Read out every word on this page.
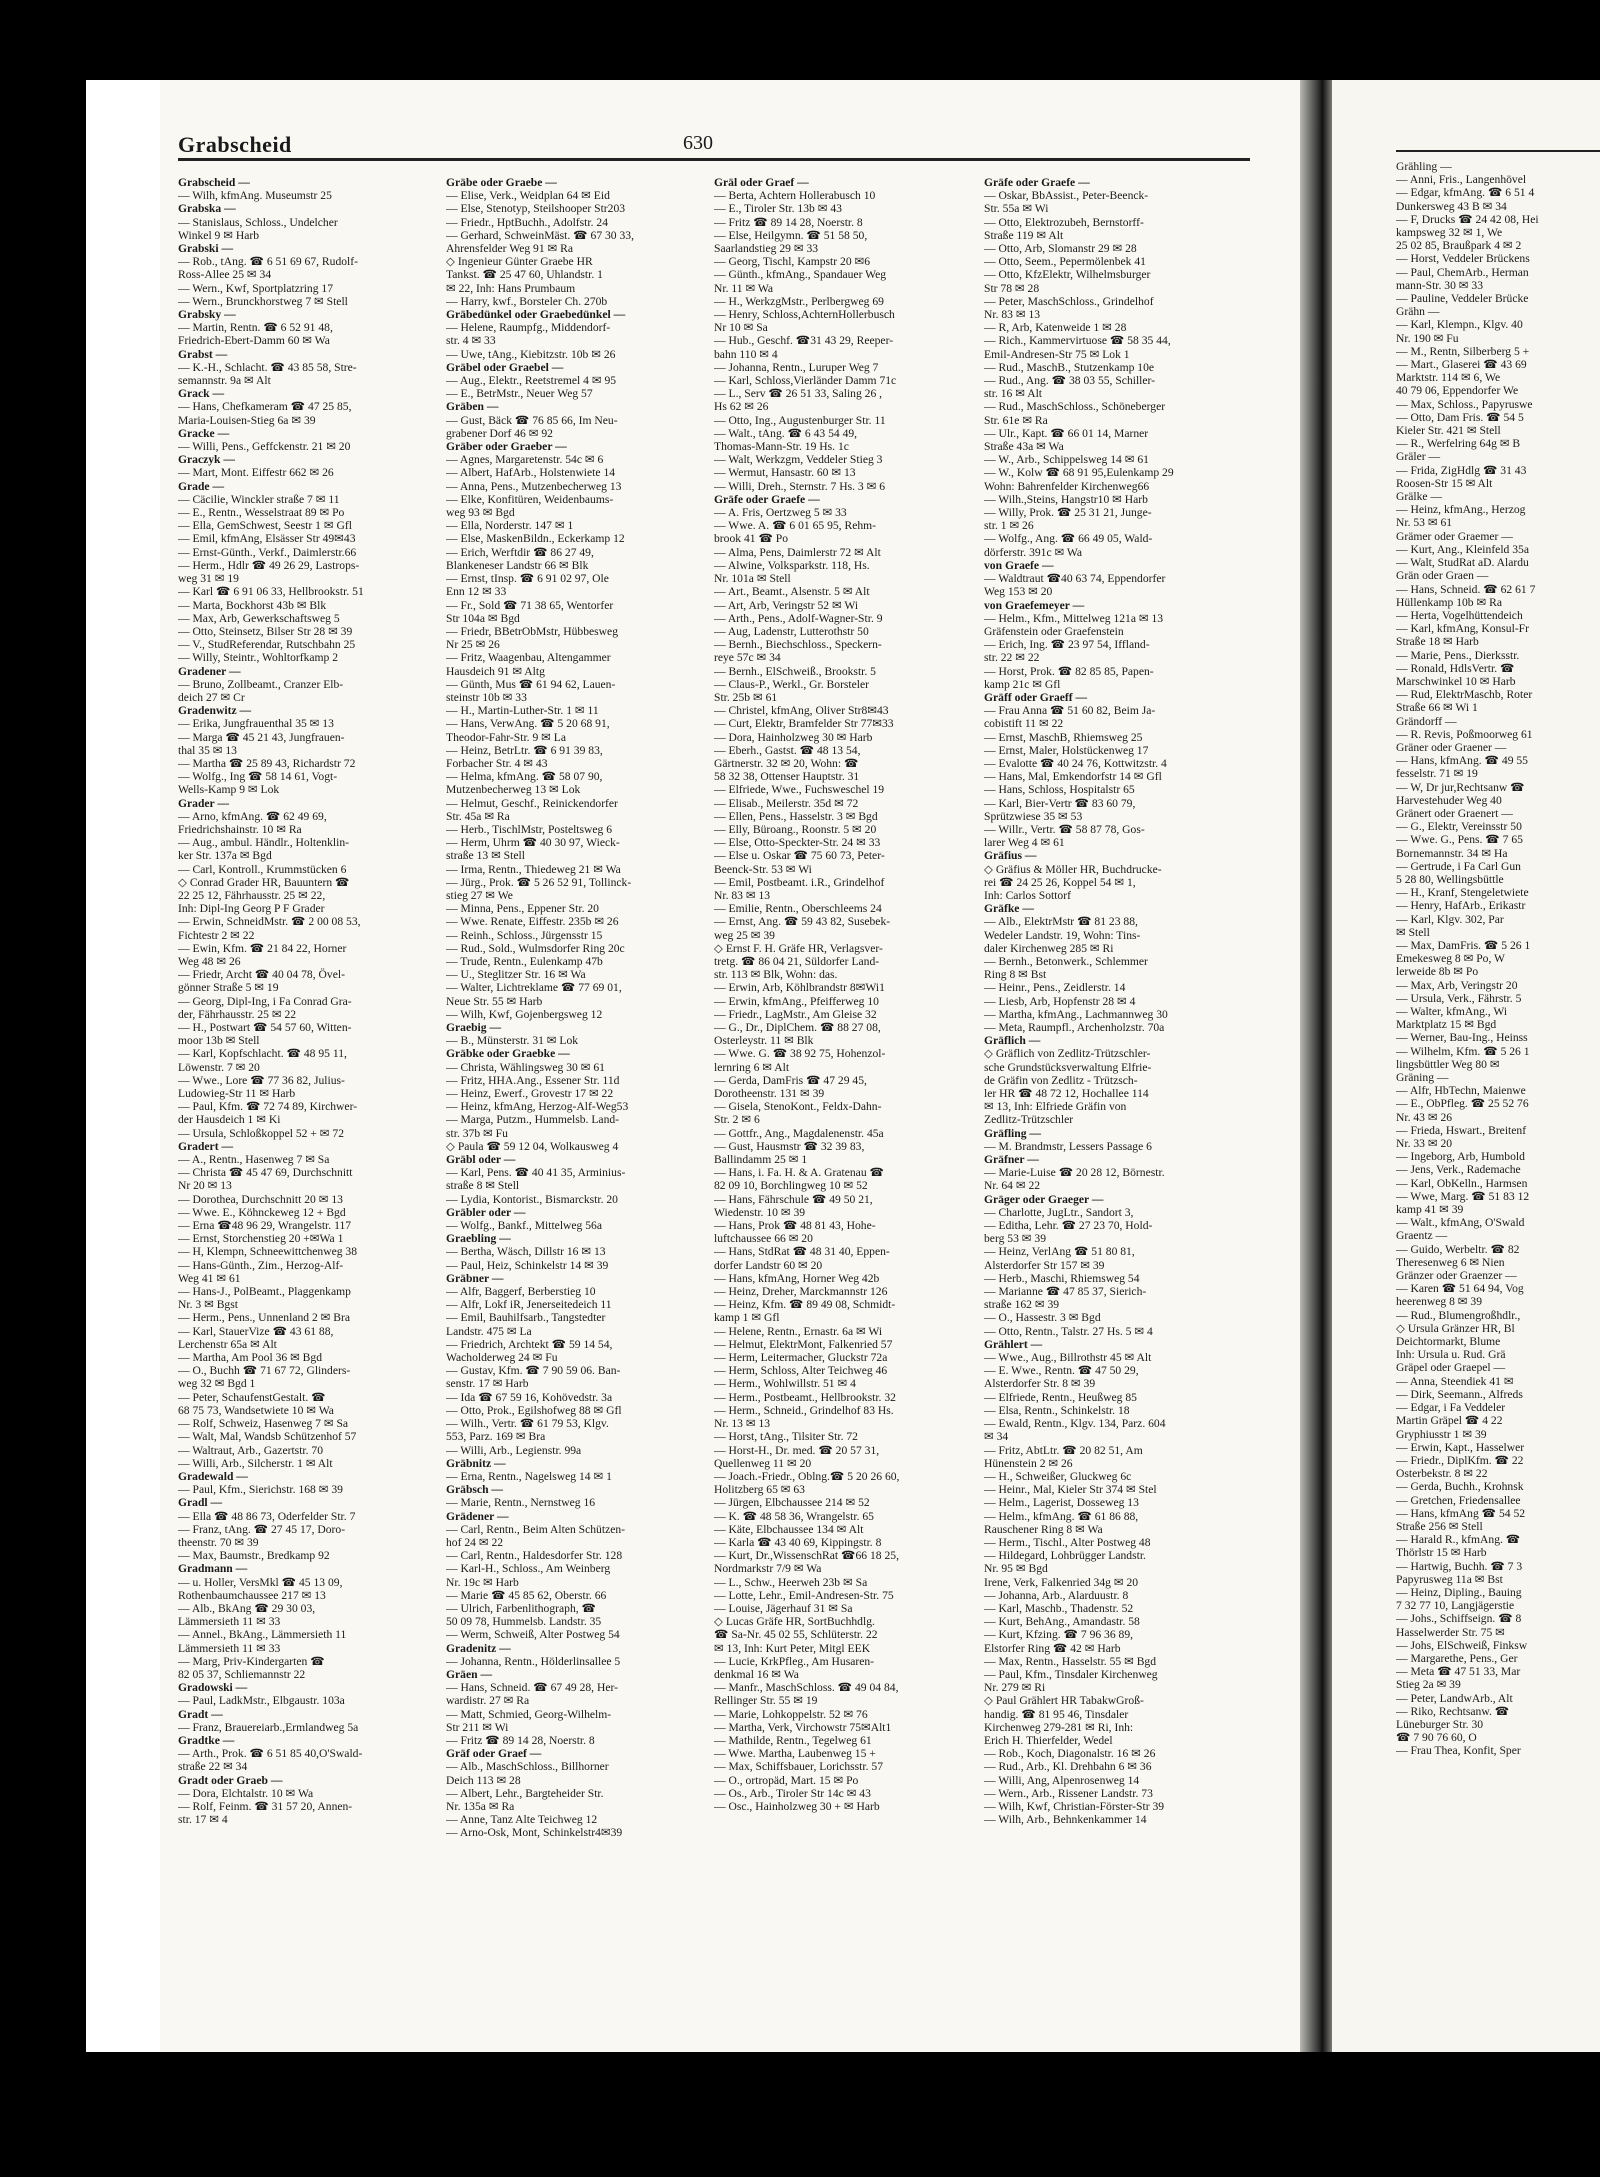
Grabscheid	630
Grabscheid —
— Wilh, kfmAng. Museumstr 25
Grabska —
— Stanislaus, Schloss., Undelcher
Winkel 9 ✉ Harb
Grabski —
— Rob., tAng. ☎ 6 51 69 67, Rudolf-
Ross-Allee 25 ✉ 34
— Wern., Kwf, Sportplatzring 17
— Wern., Brunckhorstweg 7 ✉ Stell
Grabsky —
— Martin, Rentn. ☎ 6 52 91 48,
Friedrich-Ebert-Damm 60 ✉ Wa
Grabst —
— K.-H., Schlacht. ☎ 43 85 58, Stre-
semannstr. 9a ✉ Alt
Grack —
— Hans, Chefkameram ☎ 47 25 85,
Maria-Louisen-Stieg 6a ✉ 39
Gracke —
— Willi, Pens., Geffckenstr. 21 ✉ 20
Graczyk —
— Mart, Mont. Eiffestr 662 ✉ 26
Grade —
— Cäcilie, Winckler straße 7 ✉ 11
— E., Rentn., Wesselstraat 89 ✉ Po
— Ella, GemSchwest, Seestr 1 ✉ Gfl
— Emil, kfmAng, Elsässer Str 49✉43
— Ernst-Günth., Verkf., Daimlerstr.66
— Herm., Hdlr ☎ 49 26 29, Lastrops-
weg 31 ✉ 19
— Karl ☎ 6 91 06 33, Hellbrookstr. 51
— Marta, Bockhorst 43b ✉ Blk
— Max, Arb, Gewerkschaftsweg 5
— Otto, Steinsetz, Bilser Str 28 ✉ 39
— V., StudReferendar, Rutschbahn 25
— Willy, Steintr., Wohltorfkamp 2
Gradener —
— Bruno, Zollbeamt., Cranzer Elb-
deich 27 ✉ Cr
Gradenwitz —
— Erika, Jungfrauenthal 35 ✉ 13
— Marga ☎ 45 21 43, Jungfrauen-
thal 35 ✉ 13
— Martha ☎ 25 89 43, Richardstr 72
— Wolfg., Ing ☎ 58 14 61, Vogt-
Wells-Kamp 9 ✉ Lok
Grader —
— Arno, kfmAng. ☎ 62 49 69,
Friedrichshainstr. 10 ✉ Ra
— Aug., ambul. Händlr., Holtenklin-
ker Str. 137a ✉ Bgd
— Carl, Kontroll., Krummstücken 6
◇ Conrad Grader HR, Bauuntern ☎
22 25 12, Fährhausstr. 25 ✉ 22,
Inh: Dipl-Ing Georg P F Grader
— Erwin, SchneidMstr. ☎ 2 00 08 53,
Fichtestr 2 ✉ 22
— Ewin, Kfm. ☎ 21 84 22, Horner
Weg 48 ✉ 26
— Friedr, Archt ☎ 40 04 78, Övel-
gönner Straße 5 ✉ 19
— Georg, Dipl-Ing, i Fa Conrad Gra-
der, Fährhausstr. 25 ✉ 22
— H., Postwart ☎ 54 57 60, Witten-
moor 13b ✉ Stell
— Karl, Kopfschlacht. ☎ 48 95 11,
Löwenstr. 7 ✉ 20
— Wwe., Lore ☎ 77 36 82, Julius-
Ludowieg-Str 11 ✉ Harb
— Paul, Kfm. ☎ 72 74 89, Kirchwer-
der Hausdeich 1 ✉ Ki
— Ursula, Schloßkoppel 52 + ✉ 72
Gradert —
— A., Rentn., Hasenweg 7 ✉ Sa
— Christa ☎ 45 47 69, Durchschnitt
Nr 20 ✉ 13
— Dorothea, Durchschnitt 20 ✉ 13
— Wwe. E., Köhnckeweg 12 + Bgd
— Erna ☎48 96 29, Wrangelstr. 117
— Ernst, Storchenstieg 20 +✉Wa 1
— H, Klempn, Schneewittchenweg 38
— Hans-Günth., Zim., Herzog-Alf-
Weg 41 ✉ 61
— Hans-J., PolBeamt., Plaggenkamp
Nr. 3 ✉ Bgst
— Herm., Pens., Unnenland 2 ✉ Bra
— Karl, StauerVize ☎ 43 61 88,
Lerchenstr 65a ✉ Alt
— Martha, Am Pool 36 ✉ Bgd
— O., Buchh ☎ 71 67 72, Glinders-
weg 32 ✉ Bgd 1
— Peter, SchaufenstGestalt. ☎
68 75 73, Wandsetwiete 10 ✉ Wa
— Rolf, Schweiz, Hasenweg 7 ✉ Sa
— Walt, Mal, Wandsb Schützenhof 57
— Waltraut, Arb., Gazertstr. 70
— Willi, Arb., Silcherstr. 1 ✉ Alt
Gradewald —
— Paul, Kfm., Sierichstr. 168 ✉ 39
Gradl —
— Ella ☎ 48 86 73, Oderfelder Str. 7
— Franz, tAng. ☎ 27 45 17, Doro-
theenstr. 70 ✉ 39
— Max, Baumstr., Bredkamp 92
Gradmann —
— u. Holler, VersMkl ☎ 45 13 09,
Rothenbaumchaussee 217 ✉ 13
— Alb., BkAng ☎ 29 30 03,
Lämmersieth 11 ✉ 33
— Annel., BkAng., Lämmersieth 11
Lämmersieth 11 ✉ 33
— Marg, Priv-Kindergarten ☎
82 05 37, Schliemannstr 22
Gradowski —
— Paul, LadkMstr., Elbgaustr. 103a
Gradt —
— Franz, Brauereiarb.,Ermlandweg 5a
Gradtke —
— Arth., Prok. ☎ 6 51 85 40,O'Swald-
straße 22 ✉ 34
Gradt oder Graeb —
— Dora, Elchtalstr. 10 ✉ Wa
— Rolf, Feinm. ☎ 31 57 20, Annen-
str. 17 ✉ 4
Gräbe oder Graebe —
— Elise, Verk., Weidplan 64 ✉ Eid
— Else, Stenotyp, Steilshooper Str203
— Friedr., HptBuchh., Adolfstr. 24
— Gerhard, SchweinMäst. ☎ 67 30 33,
Ahrensfelder Weg 91 ✉ Ra
◇ Ingenieur Günter Graebe HR
Tankst. ☎ 25 47 60, Uhlandstr. 1
✉ 22, Inh: Hans Prumbaum
— Harry, kwf., Borsteler Ch. 270b
Gräbedünkel oder Graebedünkel —
— Helene, Raumpfg., Middendorf-
str. 4 ✉ 33
— Uwe, tAng., Kiebitzstr. 10b ✉ 26
Gräbel oder Graebel —
— Aug., Elektr., Reetstremel 4 ✉ 95
— E., BetrMstr., Neuer Weg 57
Gräben —
— Gust, Bäck ☎ 76 85 66, Im Neu-
grabener Dorf 46 ✉ 92
Gräber oder Graeber —
— Agnes, Margaretenstr. 54c ✉ 6
— Albert, HafArb., Holstenwiete 14
— Anna, Pens., Mutzenbecherweg 13
— Elke, Konfitüren, Weidenbaums-
weg 93 ✉ Bgd
— Ella, Norderstr. 147 ✉ 1
— Else, MaskenBildn., Eckerkamp 12
— Erich, Werftdir ☎ 86 27 49,
Blankeneser Landstr 66 ✉ Blk
— Ernst, tInsp. ☎ 6 91 02 97, Ole
Enn 12 ✉ 33
— Fr., Sold ☎ 71 38 65, Wentorfer
Str 104a ✉ Bgd
— Friedr, BBetrObMstr, Hübbesweg
Nr 25 ✉ 26
— Fritz, Waagenbau, Altengammer
Hausdeich 91 ✉ Altg
— Günth, Mus ☎ 61 94 62, Lauen-
steinstr 10b ✉ 33
— H., Martin-Luther-Str. 1 ✉ 11
— Hans, VerwAng. ☎ 5 20 68 91,
Theodor-Fahr-Str. 9 ✉ La
— Heinz, BetrLtr. ☎ 6 91 39 83,
Forbacher Str. 4 ✉ 43
— Helma, kfmAng. ☎ 58 07 90,
Mutzenbecherweg 13 ✉ Lok
— Helmut, Geschf., Reinickendorfer
Str. 45a ✉ Ra
— Herb., TischlMstr, Posteltsweg 6
— Herm, Uhrm ☎ 40 30 97, Wieck-
straße 13 ✉ Stell
— Irma, Rentn., Thiedeweg 21 ✉ Wa
— Jürg., Prok. ☎ 5 26 52 91, Tollinck-
stieg 27 ✉ We
— Minna, Pens., Eppener Str. 20
— Wwe. Renate, Eiffestr. 235b ✉ 26
— Reinh., Schloss., Jürgensstr 15
— Rud., Sold., Wulmsdorfer Ring 20c
— Trude, Rentn., Eulenkamp 47b
— U., Steglitzer Str. 16 ✉ Wa
— Walter, Lichtreklame ☎ 77 69 01,
Neue Str. 55 ✉ Harb
— Wilh, Kwf, Gojenbergsweg 12
Graebig —
— B., Münsterstr. 31 ✉ Lok
Gräbke oder Graebke —
— Christa, Wählingsweg 30 ✉ 61
— Fritz, HHA.Ang., Essener Str. 11d
— Heinz, Ewerf., Grovestr 17 ✉ 22
— Heinz, kfmAng, Herzog-Alf-Weg53
— Marga, Putzm., Hummelsb. Land-
str. 37b ✉ Fu
◇ Paula ☎ 59 12 04, Wolkausweg 4
Gräbl oder —
— Karl, Pens. ☎ 40 41 35, Arminius-
straße 8 ✉ Stell
— Lydia, Kontorist., Bismarckstr. 20
Gräbler oder —
— Wolfg., Bankf., Mittelweg 56a
Graebling —
— Bertha, Wäsch, Dillstr 16 ✉ 13
— Paul, Heiz, Schinkelstr 14 ✉ 39
Gräbner —
— Alfr, Baggerf, Berberstieg 10
— Alfr, Lokf iR, Jenerseitedeich 11
— Emil, Bauhilfsarb., Tangstedter
Landstr. 475 ✉ La
— Friedrich, Archtekt ☎ 59 14 54,
Wacholderweg 24 ✉ Fu
— Gustav, Kfm. ☎ 7 90 59 06. Ban-
senstr. 17 ✉ Harb
— Ida ☎ 67 59 16, Kohövedstr. 3a
— Otto, Prok., Egilshofweg 88 ✉ Gfl
— Wilh., Vertr. ☎ 61 79 53, Klgv.
553, Parz. 169 ✉ Bra
— Willi, Arb., Legienstr. 99a
Gräbnitz —
— Erna, Rentn., Nagelsweg 14 ✉ 1
Gräbsch —
— Marie, Rentn., Nernstweg 16
Grädener —
— Carl, Rentn., Beim Alten Schützen-
hof 24 ✉ 22
— Carl, Rentn., Haldesdorfer Str. 128
— Karl-H., Schloss., Am Weinberg
Nr. 19c ✉ Harb
— Marie ☎ 45 85 62, Oberstr. 66
— Ulrich, Farbenlithograph, ☎
50 09 78, Hummelsb. Landstr. 35
— Werm, Schweiß, Alter Postweg 54
Gradenitz —
— Johanna, Rentn., Hölderlinsallee 5
Gräen —
— Hans, Schneid. ☎ 67 49 28, Her-
wardistr. 27 ✉ Ra
— Matt, Schmied, Georg-Wilhelm-
Str 211 ✉ Wi
— Fritz ☎ 89 14 28, Noerstr. 8
Gräf oder Graef —
— Alb., MaschSchloss., Billhorner
Deich 113 ✉ 28
— Albert, Lehr., Bargteheider Str.
Nr. 135a ✉ Ra
— Anne, Tanz Alte Teichweg 12
— Arno-Osk, Mont, Schinkelstr4✉39
Gräl oder Graef —
— Berta, Achtern Hollerabusch 10
— E., Tiroler Str. 13b ✉ 43
— Fritz ☎ 89 14 28, Noerstr. 8
— Else, Heilgymn. ☎ 51 58 50,
Saarlandstieg 29 ✉ 33
— Georg, Tischl, Kampstr 20 ✉6
— Günth., kfmAng., Spandauer Weg
Nr. 11 ✉ Wa
— H., WerkzgMstr., Perlbergweg 69
— Henry, Schloss,AchternHollerbusch
Nr 10 ✉ Sa
— Hub., Geschf. ☎31 43 29, Reeper-
bahn 110 ✉ 4
— Johanna, Rentn., Luruper Weg 7
— Karl, Schloss,Vierländer Damm 71c
— L., Serv ☎ 26 51 33, Saling 26 ,
Hs 62 ✉ 26
— Otto, Ing., Augustenburger Str. 11
— Walt., tAng. ☎ 6 43 54 49,
Thomas-Mann-Str. 19 Hs. 1c
— Walt, Werkzgm, Veddeler Stieg 3
— Wermut, Hansastr. 60 ✉ 13
— Willi, Dreh., Sternstr. 7 Hs. 3 ✉ 6
Gräfe oder Graefe —
— A. Fris, Oertzweg 5 ✉ 33
— Wwe. A. ☎ 6 01 65 95, Rehm-
brook 41 ☎ Po
— Alma, Pens, Daimlerstr 72 ✉ Alt
— Alwine, Volksparkstr. 118, Hs.
Nr. 101a ✉ Stell
— Art., Beamt., Alsenstr. 5 ✉ Alt
— Art, Arb, Veringstr 52 ✉ Wi
— Arth., Pens., Adolf-Wagner-Str. 9
— Aug, Ladenstr, Lutterothstr 50
— Bernh., Biechschloss., Speckern-
reye 57c ✉ 34
— Bernh., ElSchweiß., Brookstr. 5
— Claus-P., Werkl., Gr. Borsteler
Str. 25b ✉ 61
— Christel, kfmAng, Oliver Str8✉43
— Curt, Elektr, Bramfelder Str 77✉33
— Dora, Hainholzweg 30 ✉ Harb
— Eberh., Gastst. ☎ 48 13 54,
Gärtnerstr. 32 ✉ 20, Wohn: ☎
58 32 38, Ottenser Hauptstr. 31
— Elfriede, Wwe., Fuchsweschel 19
— Elisab., Meilerstr. 35d ✉ 72
— Ellen, Pens., Hasselstr. 3 ✉ Bgd
— Elly, Büroang., Roonstr. 5 ✉ 20
— Else, Otto-Speckter-Str. 24 ✉ 33
— Else u. Oskar ☎ 75 60 73, Peter-
Beenck-Str. 53 ✉ Wi
— Emil, Postbeamt. i.R., Grindelhof
Nr. 83 ✉ 13
— Emilie, Rentn., Oberschleems 24
— Ernst, Ang. ☎ 59 43 82, Susebek-
weg 25 ✉ 39
◇ Ernst F. H. Gräfe HR, Verlagsver-
tretg. ☎ 86 04 21, Süldorfer Land-
str. 113 ✉ Blk, Wohn: das.
— Erwin, Arb, Köhlbrandstr 8✉Wi1
— Erwin, kfmAng., Pfeifferweg 10
— Friedr., LagMstr., Am Gleise 32
— G., Dr., DiplChem. ☎ 88 27 08,
Osterleystr. 11 ✉ Blk
— Wwe. G. ☎ 38 92 75, Hohenzol-
lernring 6 ✉ Alt
— Gerda, DamFris ☎ 47 29 45,
Dorotheenstr. 131 ✉ 39
— Gisela, StenoKont., Feldx-Dahn-
Str. 2 ✉ 6
— Gottfr., Ang., Magdalenenstr. 45a
— Gust, Hausmstr ☎ 32 39 83,
Ballindamm 25 ✉ 1
— Hans, i. Fa. H. & A. Gratenau ☎
82 09 10, Borchlingweg 10 ✉ 52
— Hans, Fährschule ☎ 49 50 21,
Wiedenstr. 10 ✉ 39
— Hans, Prok ☎ 48 81 43, Hohe-
luftchaussee 66 ✉ 20
— Hans, StdRat ☎ 48 31 40, Eppen-
dorfer Landstr 60 ✉ 20
— Hans, kfmAng, Horner Weg 42b
— Heinz, Dreher, Marckmannstr 126
— Heinz, Kfm. ☎ 89 49 08, Schmidt-
kamp 1 ✉ Gfl
— Helene, Rentn., Ernastr. 6a ✉ Wi
— Helmut, ElektrMont, Falkenried 57
— Herm, Leitermacher, Gluckstr 72a
— Herm, Schloss, Alter Teichweg 46
— Herm., Wohlwillstr. 51 ✉ 4
— Herm., Postbeamt., Hellbrookstr. 32
— Herm., Schneid., Grindelhof 83 Hs.
Nr. 13 ✉ 13
— Horst, tAng., Tilsiter Str. 72
— Horst-H., Dr. med. ☎ 20 57 31,
Quellenweg 11 ✉ 20
— Joach.-Friedr., Oblng.☎ 5 20 26 60,
Holitzberg 65 ✉ 63
— Jürgen, Elbchaussee 214 ✉ 52
— K. ☎ 48 58 36, Wrangelstr. 65
— Käte, Elbchaussee 134 ✉ Alt
— Karla ☎ 43 40 69, Kippingstr. 8
— Kurt, Dr.,WissenschRat ☎66 18 25,
Nordmarkstr 7/9 ✉ Wa
— L., Schw., Heerweh 23b ✉ Sa
— Lotte, Lehr., Emil-Andresen-Str. 75
— Louise, Jägerhauf 31 ✉ Sa
◇ Lucas Gräfe HR, SortBuchhdlg.
☎ Sa-Nr. 45 02 55, Schlüterstr. 22
✉ 13, Inh: Kurt Peter, Mitgl EEK
— Lucie, KrkPfleg., Am Husaren-
denkmal 16 ✉ Wa
— Manfr., MaschSchloss. ☎ 49 04 84,
Rellinger Str. 55 ✉ 19
— Marie, Lohkoppelstr. 52 ✉ 76
— Martha, Verk, Virchowstr 75✉Alt1
— Mathilde, Rentn., Tegelweg 61
— Wwe. Martha, Laubenweg 15 +
— Max, Schiffsbauer, Lorichsstr. 57
— O., ortropäd, Mart. 15 ✉ Po
— Os., Arb., Tiroler Str 14c ✉ 43
— Osc., Hainholzweg 30 + ✉ Harb
Gräfe oder Graefe —
— Oskar, BbAssist., Peter-Beenck-
Str. 55a ✉ Wi
— Otto, Elektrozubeh, Bernstorff-
Straße 119 ✉ Alt
— Otto, Arb, Slomanstr 29 ✉ 28
— Otto, Seem., Pepermölenbek 41
— Otto, KfzElektr, Wilhelmsburger
Str 78 ✉ 28
— Peter, MaschSchloss., Grindelhof
Nr. 83 ✉ 13
— R, Arb, Katenweide 1 ✉ 28
— Rich., Kammervirtuose ☎ 58 35 44,
Emil-Andresen-Str 75 ✉ Lok 1
— Rud., MaschB., Stutzenkamp 10e
— Rud., Ang. ☎ 38 03 55, Schiller-
str. 16 ✉ Alt
— Rud., MaschSchloss., Schöneberger
Str. 61e ✉ Ra
— Ulr., Kapt. ☎ 66 01 14, Marner
Straße 43a ✉ Wa
— W., Arb., Schippelsweg 14 ✉ 61
— W., Kolw ☎ 68 91 95,Eulenkamp 29
Wohn: Bahrenfelder Kirchenweg66
— Wilh.,Steins, Hangstr10 ✉ Harb
— Willy, Prok. ☎ 25 31 21, Junge-
str. 1 ✉ 26
— Wolfg., Ang. ☎ 66 49 05, Wald-
dörferstr. 391c ✉ Wa
von Graefe —
— Waldtraut ☎40 63 74, Eppendorfer
Weg 153 ✉ 20
von Graefemeyer —
— Helm., Kfm., Mittelweg 121a ✉ 13
Gräfenstein oder Graefenstein
— Erich, Ing. ☎ 23 97 54, Iffland-
str. 22 ✉ 22
— Horst, Prok. ☎ 82 85 85, Papen-
kamp 21c ✉ Gfl
Gräff oder Graeff —
— Frau Anna ☎ 51 60 82, Beim Ja-
cobistift 11 ✉ 22
— Ernst, MaschB, Rhiemsweg 25
— Ernst, Maler, Holstückenweg 17
— Evalotte ☎ 40 24 76, Kottwitzstr. 4
— Hans, Mal, Emkendorfstr 14 ✉ Gfl
— Hans, Schloss, Hospitalstr 65
— Karl, Bier-Vertr ☎ 83 60 79,
Sprützwiese 35 ✉ 53
— Willr., Vertr. ☎ 58 87 78, Gos-
larer Weg 4 ✉ 61
Gräfius —
◇ Gräfius & Möller HR, Buchdrucke-
rei ☎ 24 25 26, Koppel 54 ✉ 1,
Inh: Carlos Sottorf
Gräfke —
— Alb., ElektrMstr ☎ 81 23 88,
Wedeler Landstr. 19, Wohn: Tins-
daler Kirchenweg 285 ✉ Ri
— Bernh., Betonwerk., Schlemmer
Ring 8 ✉ Bst
— Heinr., Pens., Zeidlerstr. 14
— Liesb, Arb, Hopfenstr 28 ✉ 4
— Martha, kfmAng., Lachmannweg 30
— Meta, Raumpfl., Archenholzstr. 70a
Gräflich —
◇ Gräflich von Zedlitz-Trützschler-
sche Grundstücksverwaltung Elfrie-
de Gräfin von Zedlitz - Trützsch-
ler HR ☎ 48 72 12, Hochallee 114
✉ 13, Inh: Elfriede Gräfin von
Zedlitz-Trützschler
Gräfling —
— M. Brandmstr, Lessers Passage 6
Gräfner —
— Marie-Luise ☎ 20 28 12, Börnestr.
Nr. 64 ✉ 22
Gräger oder Graeger —
— Charlotte, JugLtr., Sandort 3,
— Editha, Lehr. ☎ 27 23 70, Hold-
berg 53 ✉ 39
— Heinz, VerlAng ☎ 51 80 81,
Alsterdorfer Str 157 ✉ 39
— Herb., Maschi, Rhiemsweg 54
— Marianne ☎ 47 85 37, Sierich-
straße 162 ✉ 39
— O., Hassestr. 3 ✉ Bgd
— Otto, Rentn., Talstr. 27 Hs. 5 ✉ 4
Grählert —
— Wwe., Aug., Billrothstr 45 ✉ Alt
— E. Wwe., Rentn. ☎ 47 50 29,
Alsterdorfer Str. 8 ✉ 39
— Elfriede, Rentn., Heußweg 85
— Elsa, Rentn., Schinkelstr. 18
— Ewald, Rentn., Klgv. 134, Parz. 604
✉ 34
— Fritz, AbtLtr. ☎ 20 82 51, Am
Hünenstein 2 ✉ 26
— H., Schweißer, Gluckweg 6c
— Heinr., Mal, Kieler Str 374 ✉ Stel
— Helm., Lagerist, Dosseweg 13
— Helm., kfmAng. ☎ 61 86 88,
Rauschener Ring 8 ✉ Wa
— Herm., Tischl., Alter Postweg 48
— Hildegard, Lohbrügger Landstr.
Nr. 95 ✉ Bgd
Irene, Verk, Falkenried 34g ✉ 20
— Johanna, Arb., Alarduustr. 8
— Karl, Maschb., Thadenstr. 52
— Kurt, BehAng., Amandastr. 58
— Kurt, Kfzing. ☎ 7 96 36 89,
Elstorfer Ring ☎ 42 ✉ Harb
— Max, Rentn., Hasselstr. 55 ✉ Bgd
— Paul, Kfm., Tinsdaler Kirchenweg
Nr. 279 ✉ Ri
◇ Paul Grählert HR TabakwGroß-
handig. ☎ 81 95 46, Tinsdaler
Kirchenweg 279-281 ✉ Ri, Inh:
Erich H. Thierfelder, Wedel
— Rob., Koch, Diagonalstr. 16 ✉ 26
— Rud., Arb., Kl. Drehbahn 6 ✉ 36
— Willi, Ang, Alpenrosenweg 14
— Wern., Arb., Rissener Landstr. 73
— Wilh, Kwf, Christian-Förster-Str 39
— Wilh, Arb., Behnkenkammer 14
Grähling —
— Anni, Fris., Langenhövel
— Edgar, kfmAng. ☎ 6 51 4
Dunkersweg 43 B ✉ 34
— F, Drucks ☎ 24 42 08, Hei
kampsweg 32 ✉ 1, We
25 02 85, Braußpark 4 ✉ 2
— Horst, Veddeler Brückens
— Paul, ChemArb., Herman
mann-Str. 30 ✉ 33
— Pauline, Veddeler Brücke
Grähn —
— Karl, Klempn., Klgv. 40
Nr. 190 ✉ Fu
— M., Rentn, Silberberg 5 +
— Mart., Glaserei ☎ 43 69
Marktstr. 114 ✉ 6, We
40 79 06, Eppendorfer We
— Max, Schloss., Papyruswe
— Otto, Dam Fris. ☎ 54 5
Kieler Str. 421 ✉ Stell
— R., Werfelring 64g ✉ B
Gräler —
— Frida, ZigHdlg ☎ 31 43
Roosen-Str 15 ✉ Alt
Grälke —
— Heinz, kfmAng., Herzog
Nr. 53 ✉ 61
Grämer oder Graemer —
— Kurt, Ang., Kleinfeld 35a
— Walt, StudRat aD. Alardu
Grän oder Graen —
— Hans, Schneid. ☎ 62 61 7
Hüllenkamp 10b ✉ Ra
— Herta, Vogelhüttendeich
— Karl, kfmAng, Konsul-Fr
Straße 18 ✉ Harb
— Marie, Pens., Dierksstr.
— Ronald, HdlsVertr. ☎
Marschwinkel 10 ✉ Harb
— Rud, ElektrMaschb, Roter
Straße 66 ✉ Wi 1
Grändorff —
— R. Revis, Poßmoorweg 61
Gräner oder Graener —
— Hans, kfmAng. ☎ 49 55
fesselstr. 71 ✉ 19
— W, Dr jur,Rechtsanw ☎
Harvestehuder Weg 40
Gränert oder Graenert —
— G., Elektr, Vereinsstr 50
— Wwe. G., Pens. ☎ 7 65
Bornemannstr. 34 ✉ Ha
— Gertrude, i Fa Carl Gun
5 28 80, Wellingsbüttle
— H., Kranf, Stengeletwiete
— Henry, HafArb., Erikastr
— Karl, Klgv. 302, Par
✉ Stell
— Max, DamFris. ☎ 5 26 1
Emekesweg 8 ✉ Po, W
lerweide 8b ✉ Po
— Max, Arb, Veringstr 20
— Ursula, Verk., Fährstr. 5
— Walter, kfmAng., Wi
Marktplatz 15 ✉ Bgd
— Werner, Bau-Ing., Heinss
— Wilhelm, Kfm. ☎ 5 26 1
lingsbüttler Weg 80 ✉
Gräning —
— Alfr, HbTechn, Maienwe
— E., ObPfleg. ☎ 25 52 76
Nr. 43 ✉ 26
— Frieda, Hswart., Breitenf
Nr. 33 ✉ 20
— Ingeborg, Arb, Humbold
— Jens, Verk., Rademache
— Karl, ObKelln., Harmsen
— Wwe, Marg. ☎ 51 83 12
kamp 41 ✉ 39
— Walt., kfmAng, O'Swald
Graentz —
— Guido, Werbeltr. ☎ 82
Theresenweg 6 ✉ Nien
Gränzer oder Graenzer —
— Karen ☎ 51 64 94, Vog
heerenweg 8 ✉ 39
— Rud., Blumengroßhdlr.,
◇ Ursula Gränzer HR, Bl
Deichtormarkt, Blume
Inh: Ursula u. Rud. Grä
Gräpel oder Graepel —
— Anna, Steendiek 41 ✉
— Dirk, Seemann., Alfreds
— Edgar, i Fa Veddeler
Martin Gräpel ☎ 4 22
Gryphiusstr 1 ✉ 39
— Erwin, Kapt., Hasselwer
— Friedr., DiplKfm. ☎ 22
Osterbekstr. 8 ✉ 22
— Gerda, Buchh., Krohnsk
— Gretchen, Friedensallee
— Hans, kfmAng ☎ 54 52
Straße 256 ✉ Stell
— Harald R., kfmAng. ☎
Thörlstr 15 ✉ Harb
— Hartwig, Buchh. ☎ 7 3
Papyrusweg 11a ✉ Bst
— Heinz, Dipling., Bauing
7 32 77 10, Langjägerstie
— Johs., Schiffseign. ☎ 8
Hasselwerder Str. 75 ✉
— Johs, ElSchweiß, Finksw
— Margarethe, Pens., Ger
— Meta ☎ 47 51 33, Mar
Stieg 2a ✉ 39
— Peter, LandwArb., Alt
— Riko, Rechtsanw. ☎
Lüneburger Str. 30
☎ 7 90 76 60, O
— Frau Thea, Konfit, Sper
